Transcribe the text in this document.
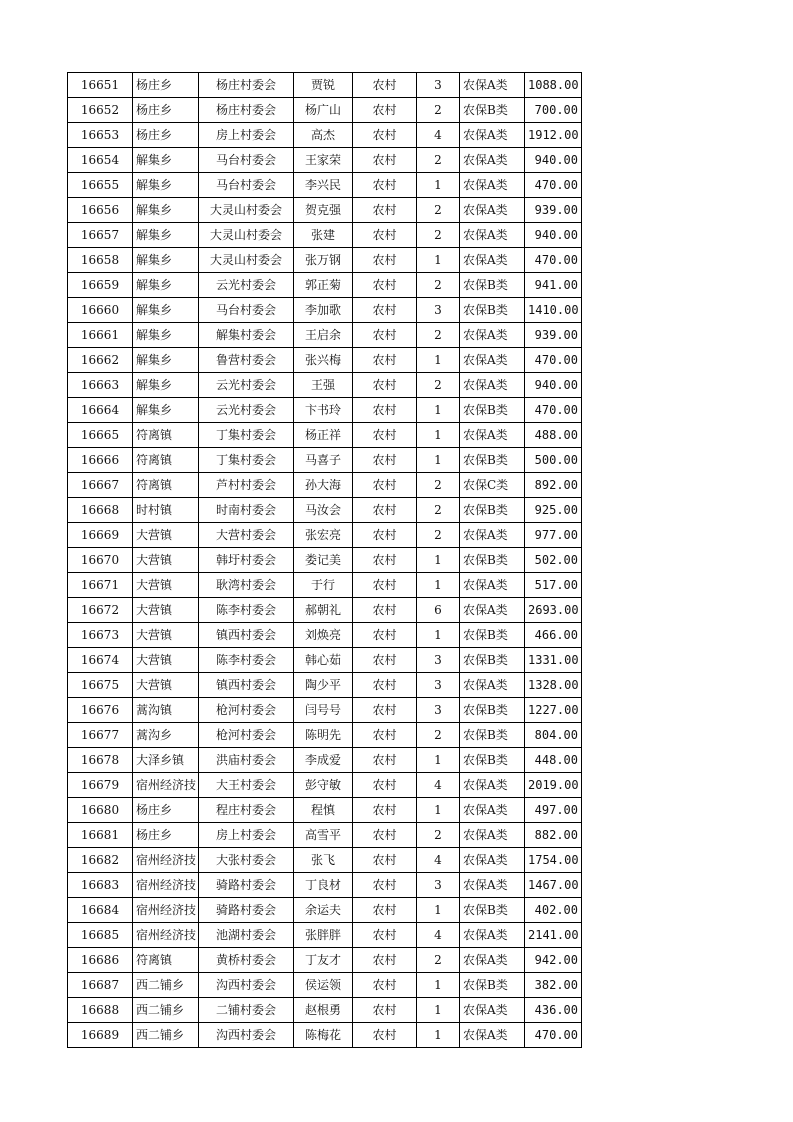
16651	杨庄乡	杨庄村委会	贾锐	农村	3	农保A类	1088.00
16652	杨庄乡	杨庄村委会	杨广山	农村	2	农保B类	700.00
16653	杨庄乡	房上村委会	高杰	农村	4	农保A类	1912.00
16654	解集乡	马台村委会	王家荣	农村	2	农保A类	940.00
16655	解集乡	马台村委会	李兴民	农村	1	农保A类	470.00
16656	解集乡	大灵山村委会	贺克强	农村	2	农保A类	939.00
16657	解集乡	大灵山村委会	张建	农村	2	农保A类	940.00
16658	解集乡	大灵山村委会	张万钢	农村	1	农保A类	470.00
16659	解集乡	云光村委会	郭正菊	农村	2	农保B类	941.00
16660	解集乡	马台村委会	李加歌	农村	3	农保B类	1410.00
16661	解集乡	解集村委会	王启余	农村	2	农保A类	939.00
16662	解集乡	鲁营村委会	张兴梅	农村	1	农保A类	470.00
16663	解集乡	云光村委会	王强	农村	2	农保A类	940.00
16664	解集乡	云光村委会	卞书玲	农村	1	农保B类	470.00
16665	符离镇	丁集村委会	杨正祥	农村	1	农保A类	488.00
16666	符离镇	丁集村委会	马喜子	农村	1	农保B类	500.00
16667	符离镇	芦村村委会	孙大海	农村	2	农保C类	892.00
16668	时村镇	时南村委会	马汝会	农村	2	农保B类	925.00
16669	大营镇	大营村委会	张宏亮	农村	2	农保A类	977.00
16670	大营镇	韩圩村委会	娄记美	农村	1	农保B类	502.00
16671	大营镇	耿湾村委会	于行	农村	1	农保A类	517.00
16672	大营镇	陈李村委会	郝朝礼	农村	6	农保A类	2693.00
16673	大营镇	镇西村委会	刘焕亮	农村	1	农保B类	466.00
16674	大营镇	陈李村委会	韩心茹	农村	3	农保B类	1331.00
16675	大营镇	镇西村委会	陶少平	农村	3	农保A类	1328.00
16676	蒿沟镇	枪河村委会	闫号号	农村	3	农保B类	1227.00
16677	蒿沟乡	枪河村委会	陈明先	农村	2	农保B类	804.00
16678	大泽乡镇	洪庙村委会	李成爱	农村	1	农保B类	448.00
16679	宿州经济技	大王村委会	彭守敏	农村	4	农保A类	2019.00
16680	杨庄乡	程庄村委会	程慎	农村	1	农保A类	497.00
16681	杨庄乡	房上村委会	高雪平	农村	2	农保A类	882.00
16682	宿州经济技	大张村委会	张飞	农村	4	农保A类	1754.00
16683	宿州经济技	骑路村委会	丁良材	农村	3	农保A类	1467.00
16684	宿州经济技	骑路村委会	余运夫	农村	1	农保B类	402.00
16685	宿州经济技	池湖村委会	张胖胖	农村	4	农保A类	2141.00
16686	符离镇	黄桥村委会	丁友才	农村	2	农保A类	942.00
16687	西二铺乡	沟西村委会	侯运领	农村	1	农保B类	382.00
16688	西二铺乡	二铺村委会	赵根勇	农村	1	农保A类	436.00
16689	西二铺乡	沟西村委会	陈梅花	农村	1	农保A类	470.00
